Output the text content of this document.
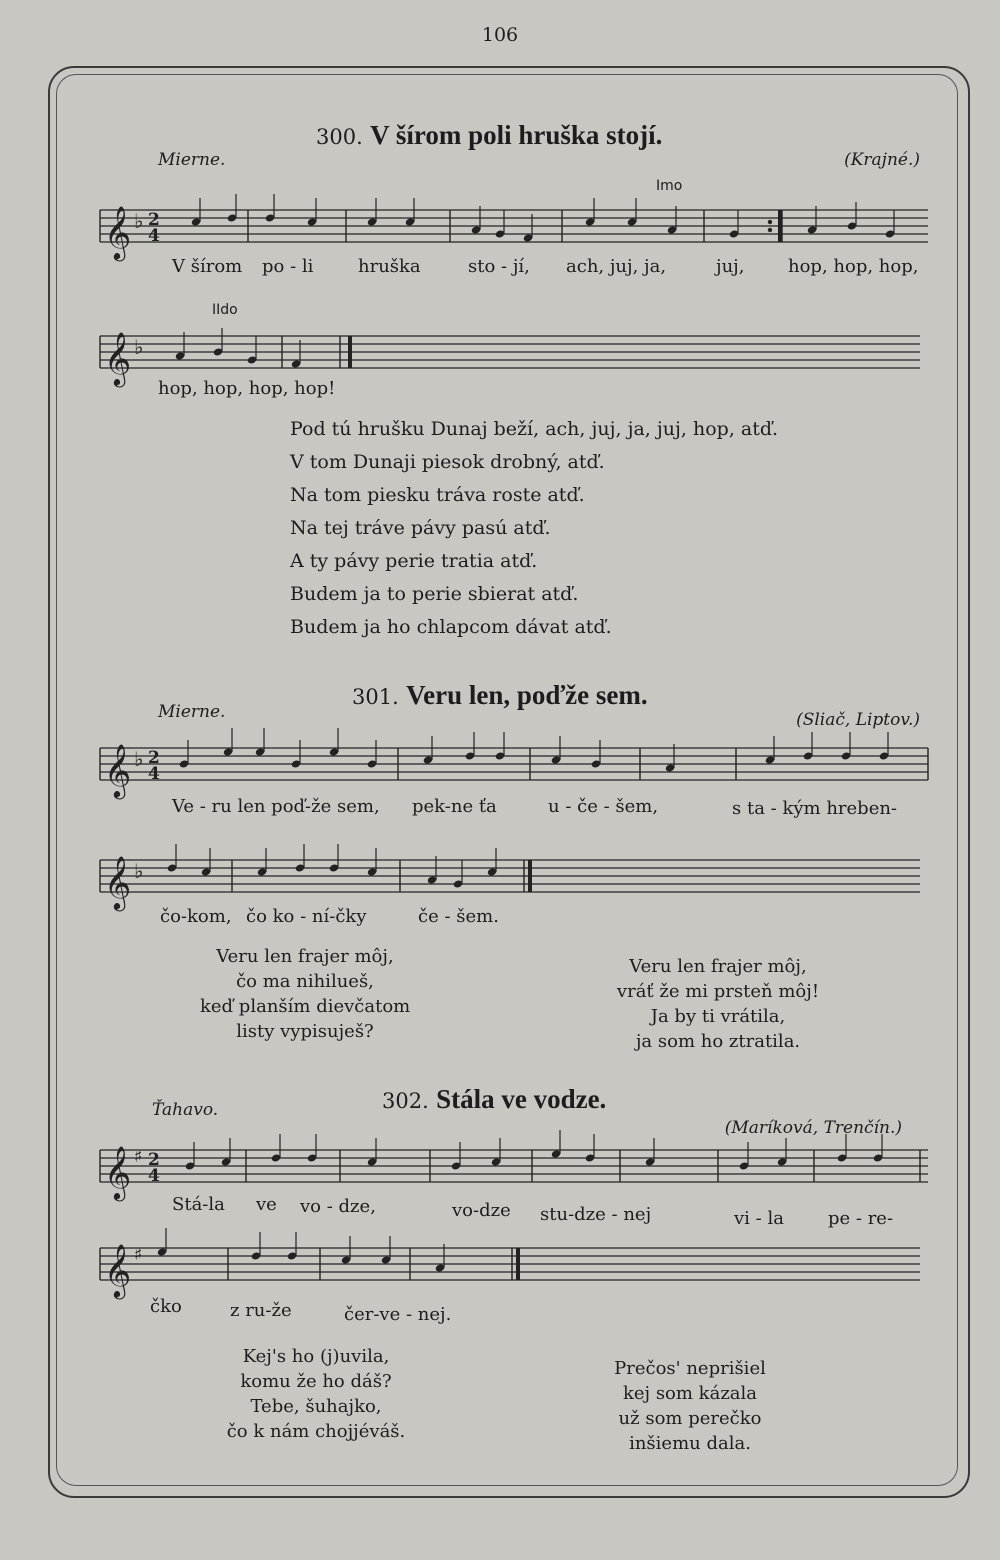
106
300. V šírom poli hruška stojí.
Mierne.	(Krajné.)
Imo
IIdo
𝄞 ♭ 2
4
𝄞 ♭
V šírom po - li hruška	sto - jí, ach, juj, ja,	juj, hop, hop, hop,
hop, hop, hop, hop!
Pod tú hrušku Dunaj beží, ach, juj, ja, juj, hop, atď.
V tom Dunaji piesok drobný, atď.
Na tom piesku tráva roste atď.
Na tej tráve pávy pasú atď.
A ty pávy perie tratia atď.
Budem ja to perie sbierat atď.
Budem ja ho chlapcom dávat atď.
301. Veru len, poďže sem.
Mierne.	(Sliač, Liptov.)
𝄞 ♭ 2
4
𝄞 ♭
Ve - ru len poď-že sem, pek-ne ťa	u - če - šem,	s ta - kým hreben-
čo-kom, čo ko - ní-čky	če - šem.
Veru len frajer môj,
čo ma nihilueš,
keď planším dievčatom
listy vypisuješ?
Veru len frajer môj,
vráť že mi prsteň môj!
Ja by ti vrátila,
ja som ho ztratila.
302. Stála ve vodze.
Ťahavo.
(Maríková, Trenčín.)
𝄞 ♯ 2
4
𝄞 ♯
Stá-la ve vo - dze,	vo-dze stu-dze - nej	vi - la pe - re-
čko	z ru-že	čer-ve - nej.
Kej's ho (j)uvila,
komu že ho dáš?
Tebe, šuhajko,
čo k nám chojjéváš.
Prečos' neprišiel
kej som kázala
už som perečko
inšiemu dala.
